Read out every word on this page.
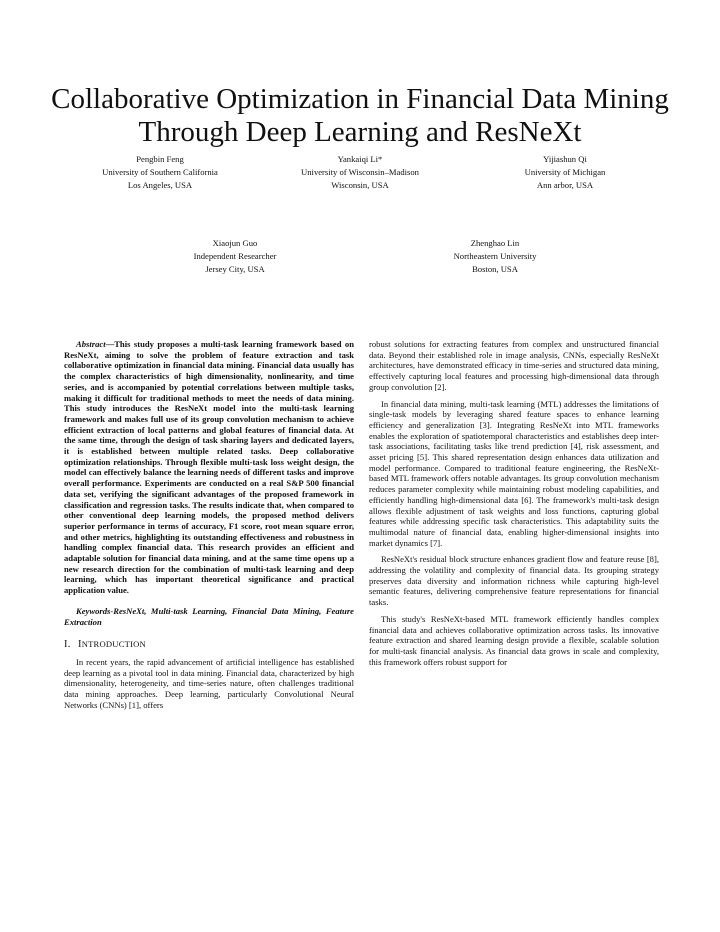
Collaborative Optimization in Financial Data Mining Through Deep Learning and ResNeXt
Pengbin Feng
University of Southern California
Los Angeles, USA
Yankaiqi Li*
University of Wisconsin–Madison
Wisconsin, USA
Yijiashun Qi
University of Michigan
Ann arbor, USA
Xiaojun Guo
Independent Researcher
Jersey City, USA
Zhenghao Lin
Northeastern University
Boston, USA

Abstract—This study proposes a multi-task learning framework based on ResNeXt, aiming to solve the problem of feature extraction and task collaborative optimization in financial data mining. Financial data usually has the complex characteristics of high dimensionality, nonlinearity, and time series, and is accompanied by potential correlations between multiple tasks, making it difficult for traditional methods to meet the needs of data mining. This study introduces the ResNeXt model into the multi-task learning framework and makes full use of its group convolution mechanism to achieve efficient extraction of local patterns and global features of financial data. At the same time, through the design of task sharing layers and dedicated layers, it is established between multiple related tasks. Deep collaborative optimization relationships. Through flexible multi-task loss weight design, the model can effectively balance the learning needs of different tasks and improve overall performance. Experiments are conducted on a real S&P 500 financial data set, verifying the significant advantages of the proposed framework in classification and regression tasks. The results indicate that, when compared to other conventional deep learning models, the proposed method delivers superior performance in terms of accuracy, F1 score, root mean square error, and other metrics, highlighting its outstanding effectiveness and robustness in handling complex financial data. This research provides an efficient and adaptable solution for financial data mining, and at the same time opens up a new research direction for the combination of multi-task learning and deep learning, which has important theoretical significance and practical application value.

Keywords-ResNeXt, Multi-task Learning, Financial Data Mining, Feature Extraction

I. INTRODUCTION

In recent years, the rapid advancement of artificial intelligence has established deep learning as a pivotal tool in data mining. Financial data, characterized by high dimensionality, heterogeneity, and time-series nature, often challenges traditional data mining approaches. Deep learning, particularly Convolutional Neural Networks (CNNs) [1], offers

robust solutions for extracting features from complex and unstructured financial data. Beyond their established role in image analysis, CNNs, especially ResNeXt architectures, have demonstrated efficacy in time-series and structured data mining, effectively capturing local features and processing high-dimensional data through group convolution [2].

In financial data mining, multi-task learning (MTL) addresses the limitations of single-task models by leveraging shared feature spaces to enhance learning efficiency and generalization [3]. Integrating ResNeXt into MTL frameworks enables the exploration of spatiotemporal characteristics and establishes deep inter-task associations, facilitating tasks like trend prediction [4], risk assessment, and asset pricing [5]. This shared representation design enhances data utilization and model performance. Compared to traditional feature engineering, the ResNeXt-based MTL framework offers notable advantages. Its group convolution mechanism reduces parameter complexity while maintaining robust modeling capabilities, and efficiently handling high-dimensional data [6]. The framework's multi-task design allows flexible adjustment of task weights and loss functions, capturing global features while addressing specific task characteristics. This adaptability suits the multimodal nature of financial data, enabling higher-dimensional insights into market dynamics [7].

ResNeXt's residual block structure enhances gradient flow and feature reuse [8], addressing the volatility and complexity of financial data. Its grouping strategy preserves data diversity and information richness while capturing high-level semantic features, delivering comprehensive feature representations for financial tasks.

This study's ResNeXt-based MTL framework efficiently handles complex financial data and achieves collaborative optimization across tasks. Its innovative feature extraction and shared learning design provide a flexible, scalable solution for multi-task financial analysis. As financial data grows in scale and complexity, this framework offers robust support for
